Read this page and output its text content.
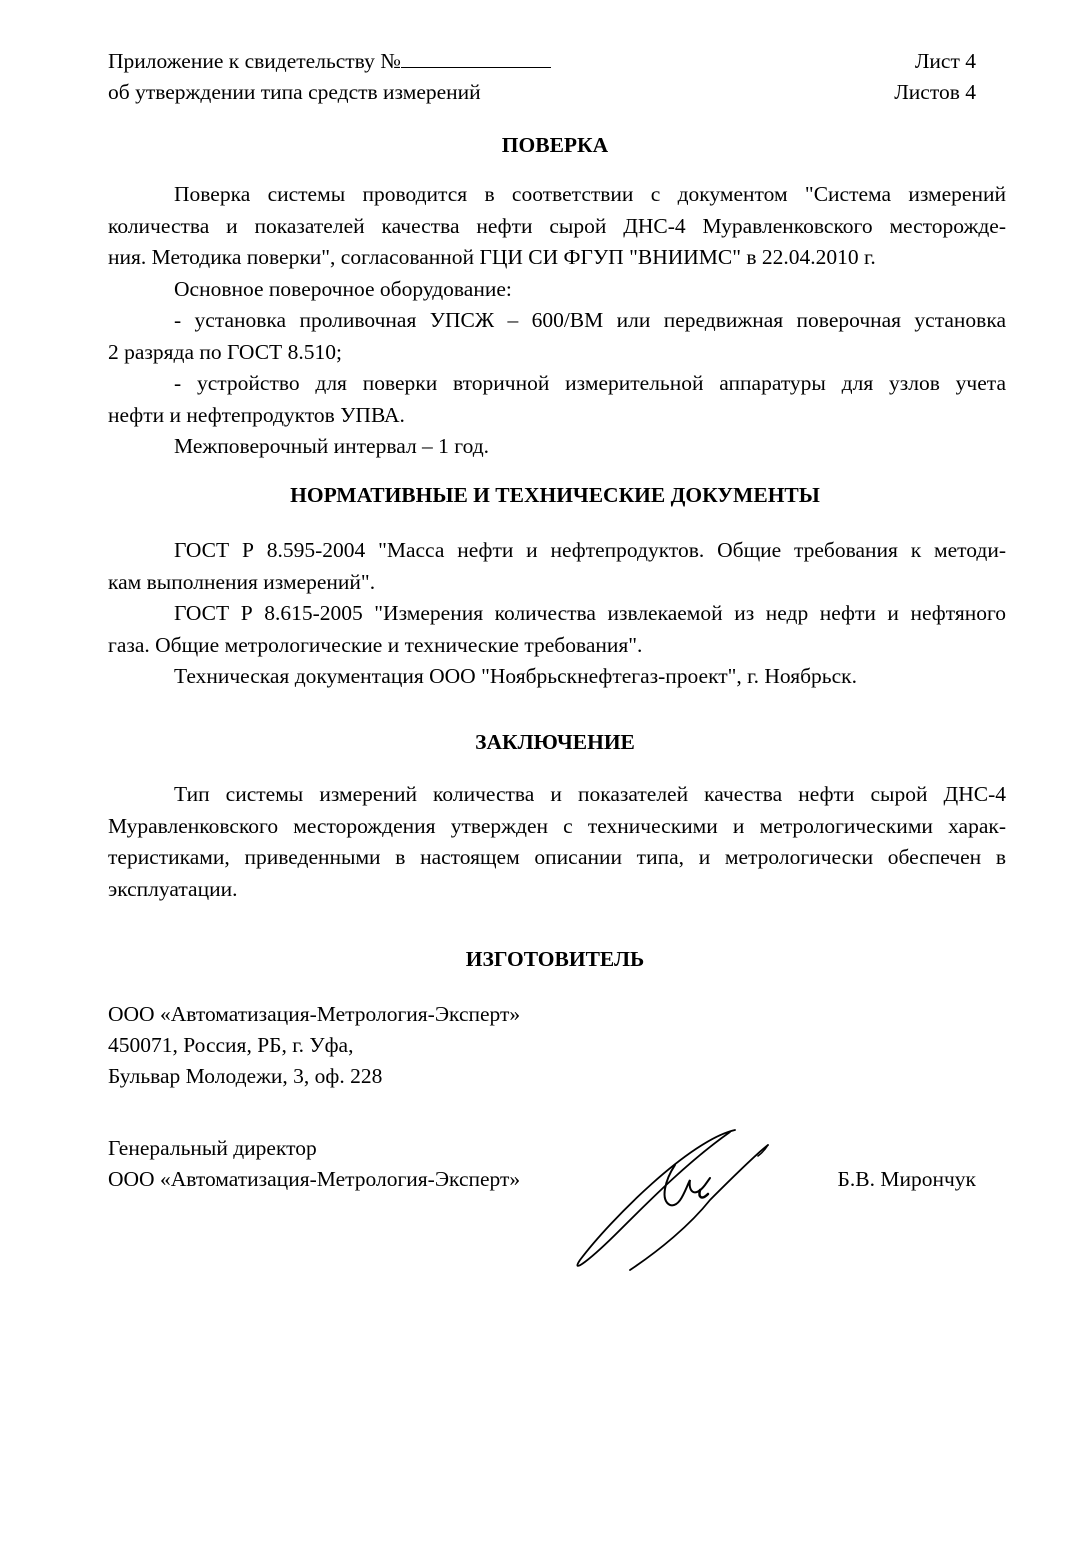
Приложение к свидетельству №
об утверждении типа средств измерений
Лист 4
Листов 4
ПОВЕРКА
Поверка системы проводится в соответствии с документом "Система измерений
количества и показателей качества нефти сырой ДНС-4 Муравленковского месторожде-
ния. Методика поверки", согласованной ГЦИ СИ ФГУП "ВНИИМС" в 22.04.2010 г.
Основное поверочное оборудование:
- установка проливочная УПСЖ – 600/ВМ или передвижная поверочная установка
2 разряда по ГОСТ 8.510;
- устройство для поверки вторичной измерительной аппаратуры для узлов учета
нефти и нефтепродуктов УПВА.
Межповерочный интервал – 1 год.
НОРМАТИВНЫЕ И ТЕХНИЧЕСКИЕ ДОКУМЕНТЫ
ГОСТ Р 8.595-2004 "Масса нефти и нефтепродуктов. Общие требования к методи-
кам выполнения измерений".
ГОСТ Р 8.615-2005 "Измерения количества извлекаемой из недр нефти и нефтяного
газа. Общие метрологические и технические требования".
Техническая документация ООО "Ноябрьскнефтегаз-проект", г. Ноябрьск.
ЗАКЛЮЧЕНИЕ
Тип системы измерений количества и показателей качества нефти сырой ДНС-4
Муравленковского месторождения утвержден с техническими и метрологическими харак-
теристиками, приведенными в настоящем описании типа, и метрологически обеспечен в
эксплуатации.
ИЗГОТОВИТЕЛЬ
ООО «Автоматизация-Метрология-Эксперт»
450071, Россия, РБ, г. Уфа,
Бульвар Молодежи, 3, оф. 228
Генеральный директор
ООО «Автоматизация-Метрология-Эксперт»	Б.В. Мирончук
